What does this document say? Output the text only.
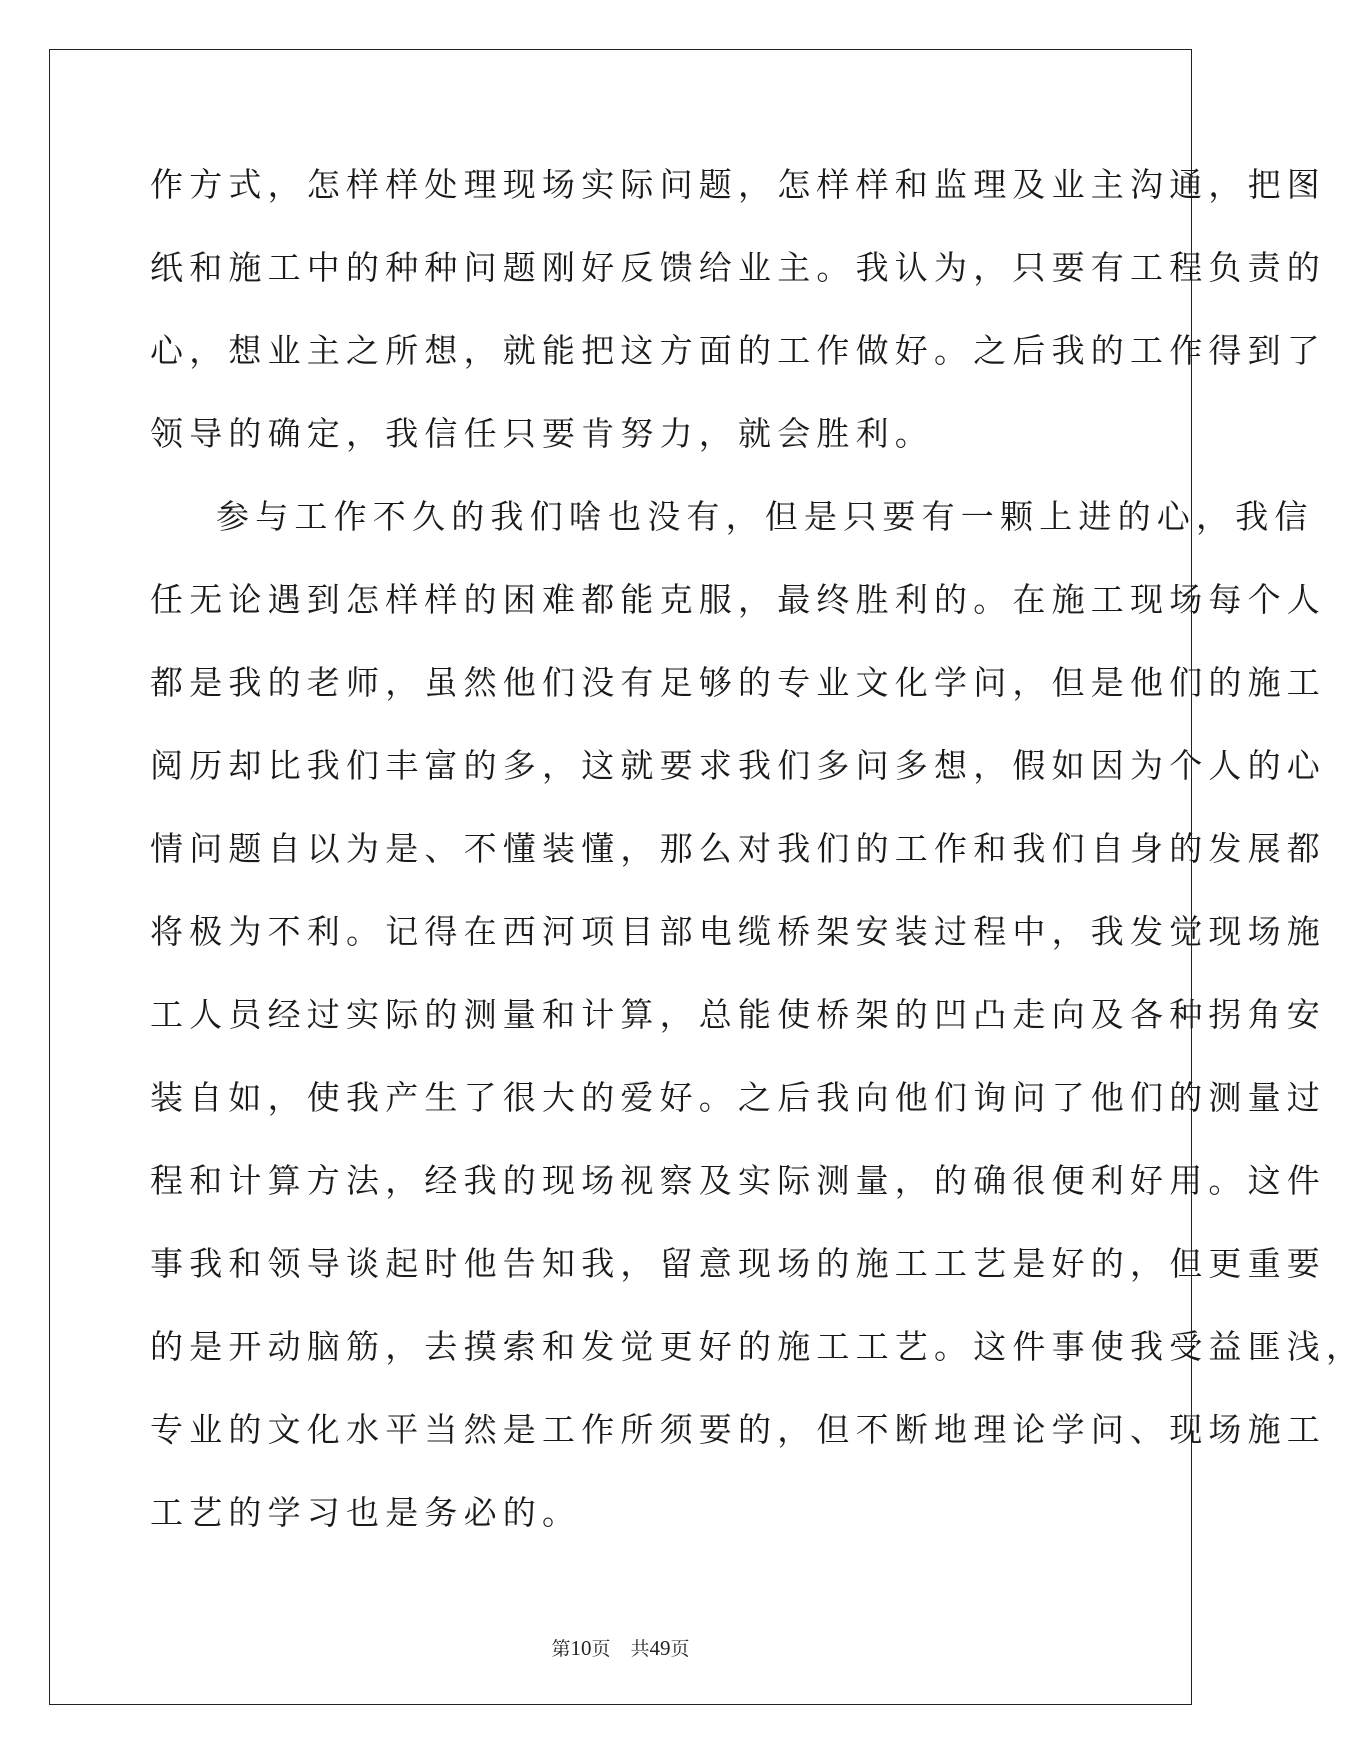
作方式，怎样样处理现场实际问题，怎样样和监理及业主沟通，把图
纸和施工中的种种问题刚好反馈给业主。我认为，只要有工程负责的
心，想业主之所想，就能把这方面的工作做好。之后我的工作得到了
领导的确定，我信任只要肯努力，就会胜利。
参与工作不久的我们啥也没有，但是只要有一颗上进的心，我信
任无论遇到怎样样的困难都能克服，最终胜利的。在施工现场每个人
都是我的老师，虽然他们没有足够的专业文化学问，但是他们的施工
阅历却比我们丰富的多，这就要求我们多问多想，假如因为个人的心
情问题自以为是、不懂装懂，那么对我们的工作和我们自身的发展都
将极为不利。记得在西河项目部电缆桥架安装过程中，我发觉现场施
工人员经过实际的测量和计算，总能使桥架的凹凸走向及各种拐角安
装自如，使我产生了很大的爱好。之后我向他们询问了他们的测量过
程和计算方法，经我的现场视察及实际测量，的确很便利好用。这件
事我和领导谈起时他告知我，留意现场的施工工艺是好的，但更重要
的是开动脑筋，去摸索和发觉更好的施工工艺。这件事使我受益匪浅，
专业的文化水平当然是工作所须要的，但不断地理论学问、现场施工
工艺的学习也是务必的。
第10页 共49页
